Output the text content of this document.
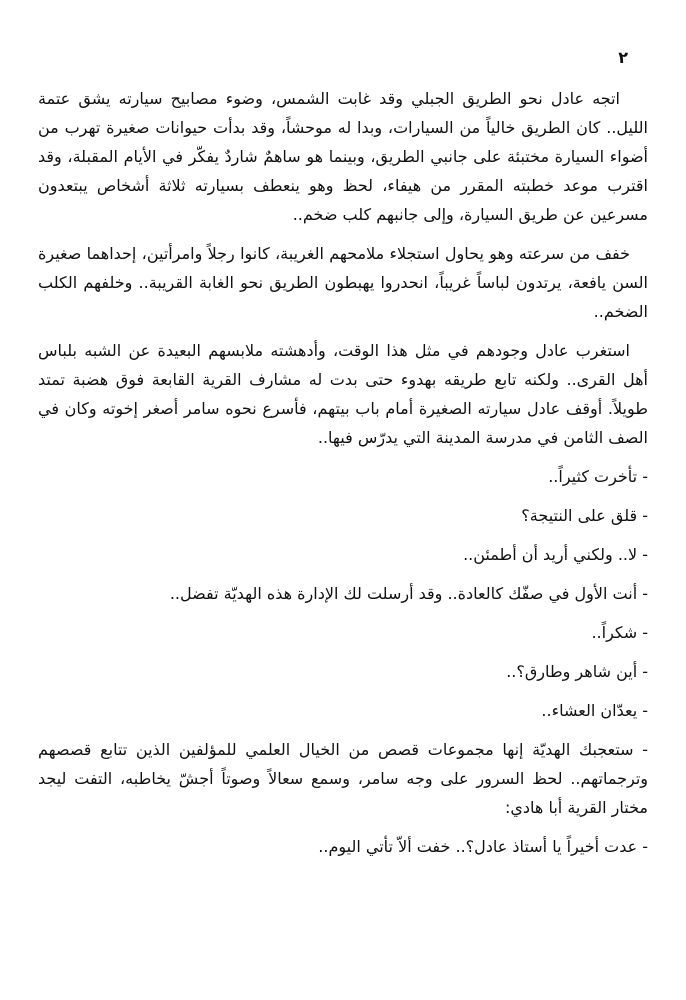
٢

اتجه عادل نحو الطريق الجبلي وقد غابت الشمس، وضوء مصابيح سيارته يشق عتمة الليل.. كان الطريق خالياً من السيارات، وبدا له موحشاً، وقد بدأت حيوانات صغيرة تهرب من أضواء السيارة مختبئة على جانبي الطريق، وبينما هو ساهمٌ شاردٌ يفكّر في الأيام المقبلة، وقد اقترب موعد خطبته المقرر من هيفاء، لحظ وهو ينعطف بسيارته ثلاثة أشخاص يبتعدون مسرعين عن طريق السيارة، وإلى جانبهم كلب ضخم..

خفف من سرعته وهو يحاول استجلاء ملامحهم الغريبة، كانوا رجلاً وامرأتين، إحداهما صغيرة السن يافعة، يرتدون لباساً غريباً، انحدروا يهبطون الطريق نحو الغابة القريبة.. وخلفهم الكلب الضخم..

استغرب عادل وجودهم في مثل هذا الوقت، وأدهشته ملابسهم البعيدة عن الشبه بلباس أهل القرى.. ولكنه تابع طريقه بهدوء حتى بدت له مشارف القرية القابعة فوق هضبة تمتد طويلاً. أوقف عادل سيارته الصغيرة أمام باب بيتهم، فأسرع نحوه سامر أصغر إخوته وكان في الصف الثامن في مدرسة المدينة التي يدرّس فيها..

- تأخرت كثيراً..

- قلق على النتيجة؟

- لا.. ولكني أريد أن أطمئن..

- أنت الأول في صفّك كالعادة.. وقد أرسلت لك الإدارة هذه الهديّة تفضل..

- شكراً..

- أين شاهر وطارق؟..

- يعدّان العشاء..

- ستعجبك الهديّة إنها مجموعات قصص من الخيال العلمي للمؤلفين الذين تتابع قصصهم وترجماتهم.. لحظ السرور على وجه سامر، وسمع سعالاً وصوتاً أجشّ يخاطبه، التفت ليجد مختار القرية أبا هادي:

- عدت أخيراً يا أستاذ عادل؟.. خفت ألاّ تأتي اليوم..
